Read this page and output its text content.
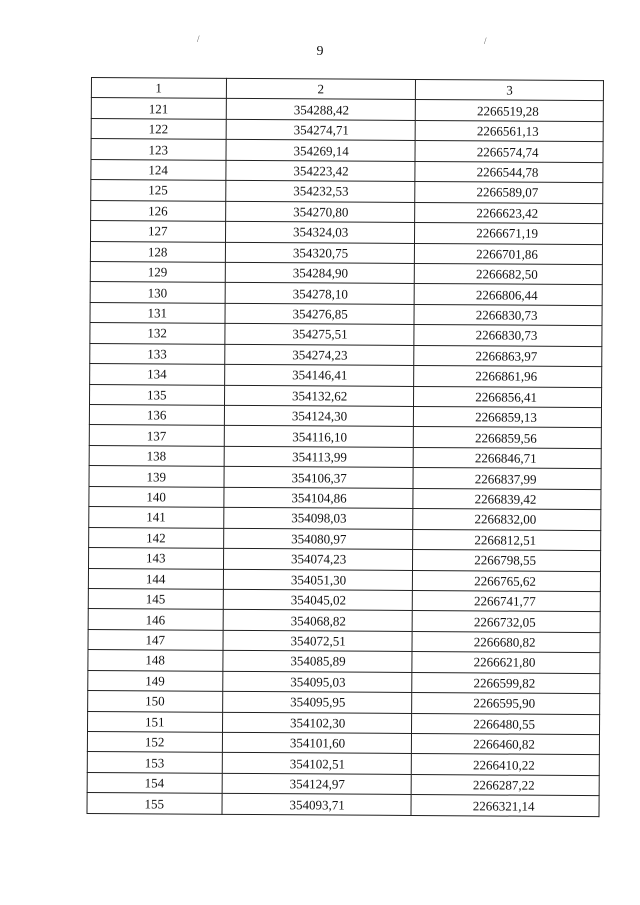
9
/	/
1	2	3
121	354288,42	2266519,28
122	354274,71	2266561,13
123	354269,14	2266574,74
124	354223,42	2266544,78
125	354232,53	2266589,07
126	354270,80	2266623,42
127	354324,03	2266671,19
128	354320,75	2266701,86
129	354284,90	2266682,50
130	354278,10	2266806,44
131	354276,85	2266830,73
132	354275,51	2266830,73
133	354274,23	2266863,97
134	354146,41	2266861,96
135	354132,62	2266856,41
136	354124,30	2266859,13
137	354116,10	2266859,56
138	354113,99	2266846,71
139	354106,37	2266837,99
140	354104,86	2266839,42
141	354098,03	2266832,00
142	354080,97	2266812,51
143	354074,23	2266798,55
144	354051,30	2266765,62
145	354045,02	2266741,77
146	354068,82	2266732,05
147	354072,51	2266680,82
148	354085,89	2266621,80
149	354095,03	2266599,82
150	354095,95	2266595,90
151	354102,30	2266480,55
152	354101,60	2266460,82
153	354102,51	2266410,22
154	354124,97	2266287,22
155	354093,71	2266321,14
